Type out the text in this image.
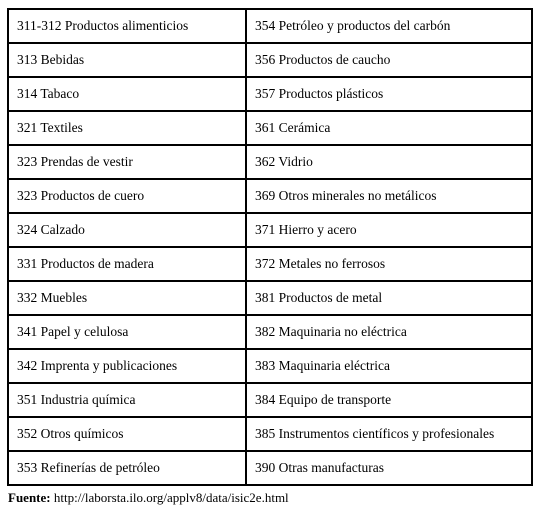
311-312 Productos alimenticios	354 Petróleo y productos del carbón
313 Bebidas	356 Productos de caucho
314 Tabaco	357 Productos plásticos
321 Textiles	361 Cerámica
323 Prendas de vestir	362 Vidrio
323 Productos de cuero	369 Otros minerales no metálicos
324 Calzado	371 Hierro y acero
331 Productos de madera	372 Metales no ferrosos
332 Muebles	381 Productos de metal
341 Papel y celulosa	382 Maquinaria no eléctrica
342 Imprenta y publicaciones	383 Maquinaria eléctrica
351 Industria química	384 Equipo de transporte
352 Otros químicos	385 Instrumentos científicos y profesionales
353 Refinerías de petróleo	390 Otras manufacturas
Fuente: http://laborsta.ilo.org/applv8/data/isic2e.html
